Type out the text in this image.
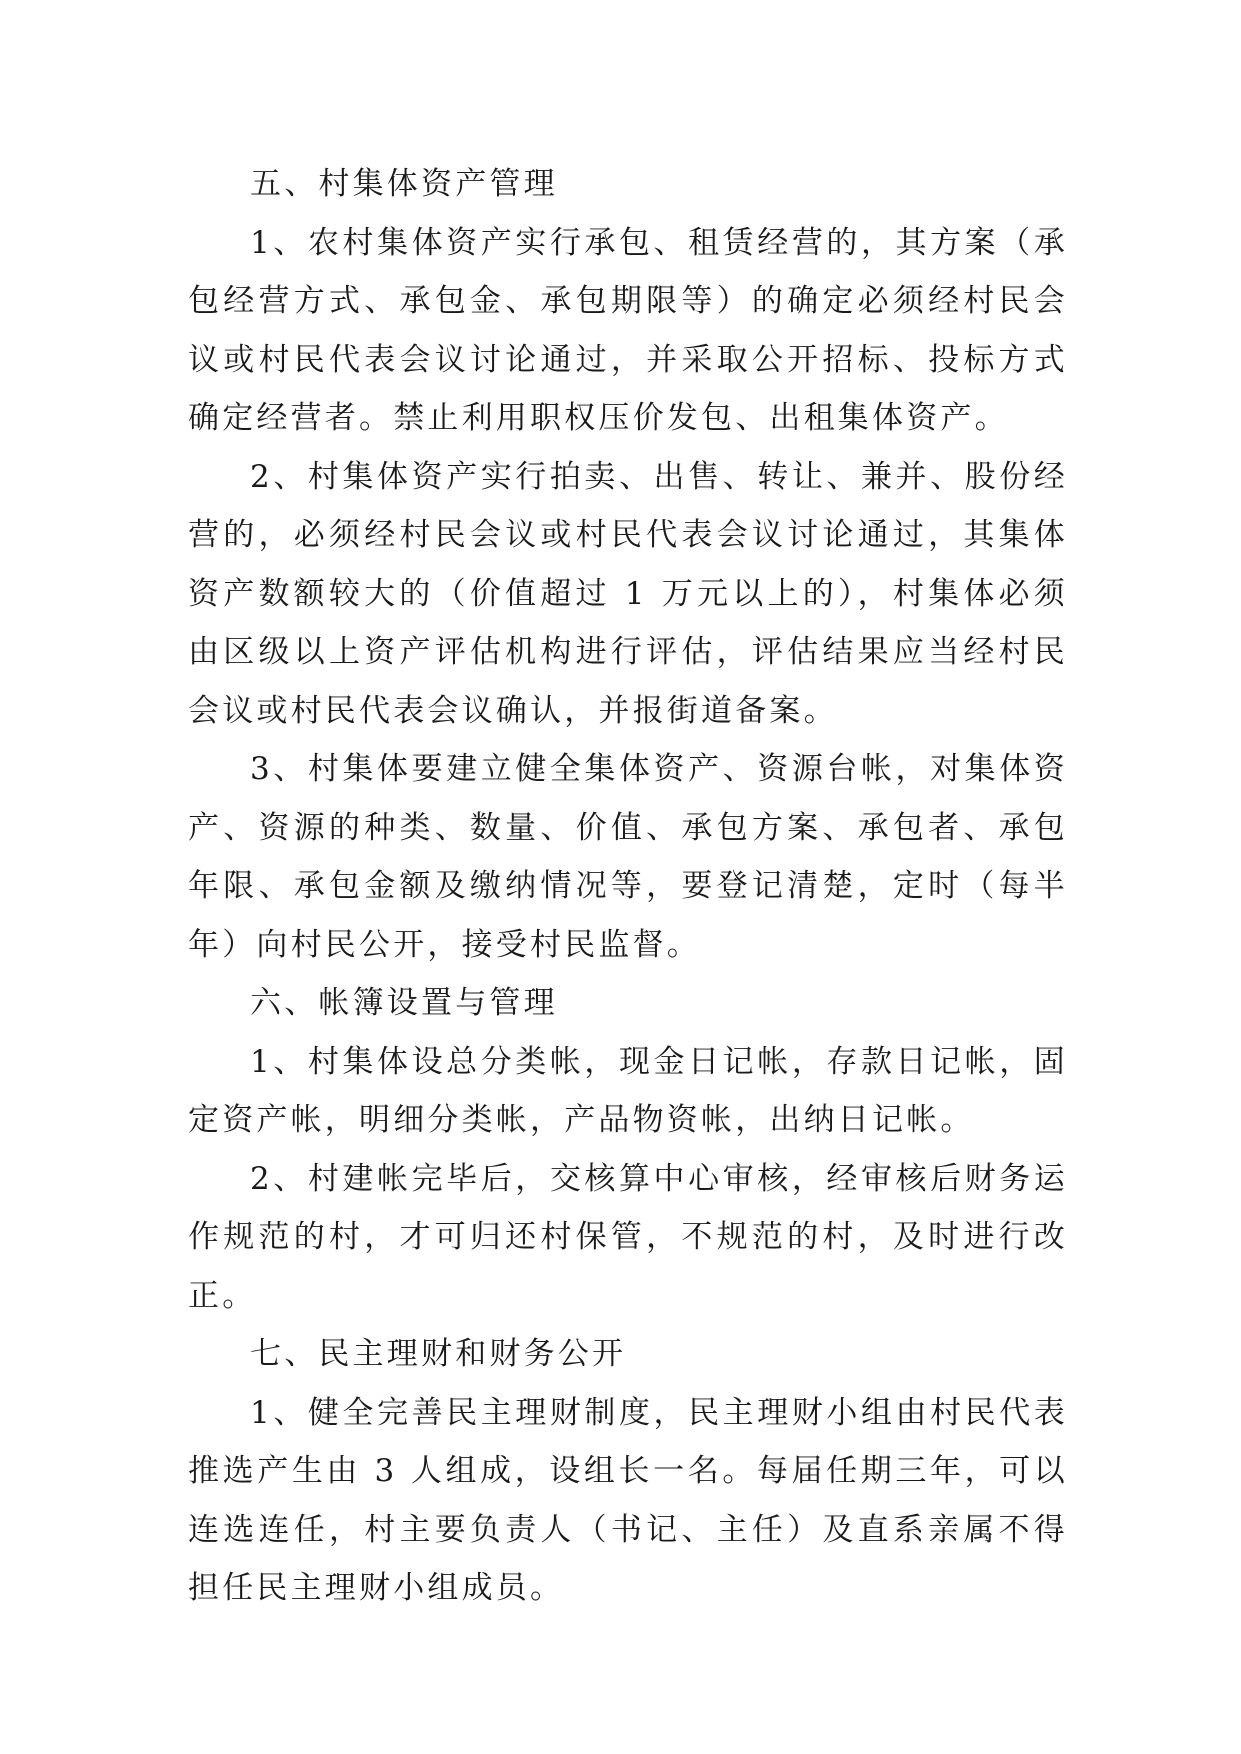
五、村集体资产管理

1、农村集体资产实行承包、租赁经营的，其方案（承包经营方式、承包金、承包期限等）的确定必须经村民会议或村民代表会议讨论通过，并采取公开招标、投标方式确定经营者。禁止利用职权压价发包、出租集体资产。

2、村集体资产实行拍卖、出售、转让、兼并、股份经营的，必须经村民会议或村民代表会议讨论通过，其集体资产数额较大的（价值超过 1 万元以上的），村集体必须由区级以上资产评估机构进行评估，评估结果应当经村民会议或村民代表会议确认，并报街道备案。

3、村集体要建立健全集体资产、资源台帐，对集体资产、资源的种类、数量、价值、承包方案、承包者、承包年限、承包金额及缴纳情况等，要登记清楚，定时（每半年）向村民公开，接受村民监督。

六、帐簿设置与管理

1、村集体设总分类帐，现金日记帐，存款日记帐，固定资产帐，明细分类帐，产品物资帐，出纳日记帐。

2、村建帐完毕后，交核算中心审核，经审核后财务运作规范的村，才可归还村保管，不规范的村，及时进行改正。

七、民主理财和财务公开

1、健全完善民主理财制度，民主理财小组由村民代表推选产生由 3 人组成，设组长一名。每届任期三年，可以连选连任，村主要负责人（书记、主任）及直系亲属不得担任民主理财小组成员。
